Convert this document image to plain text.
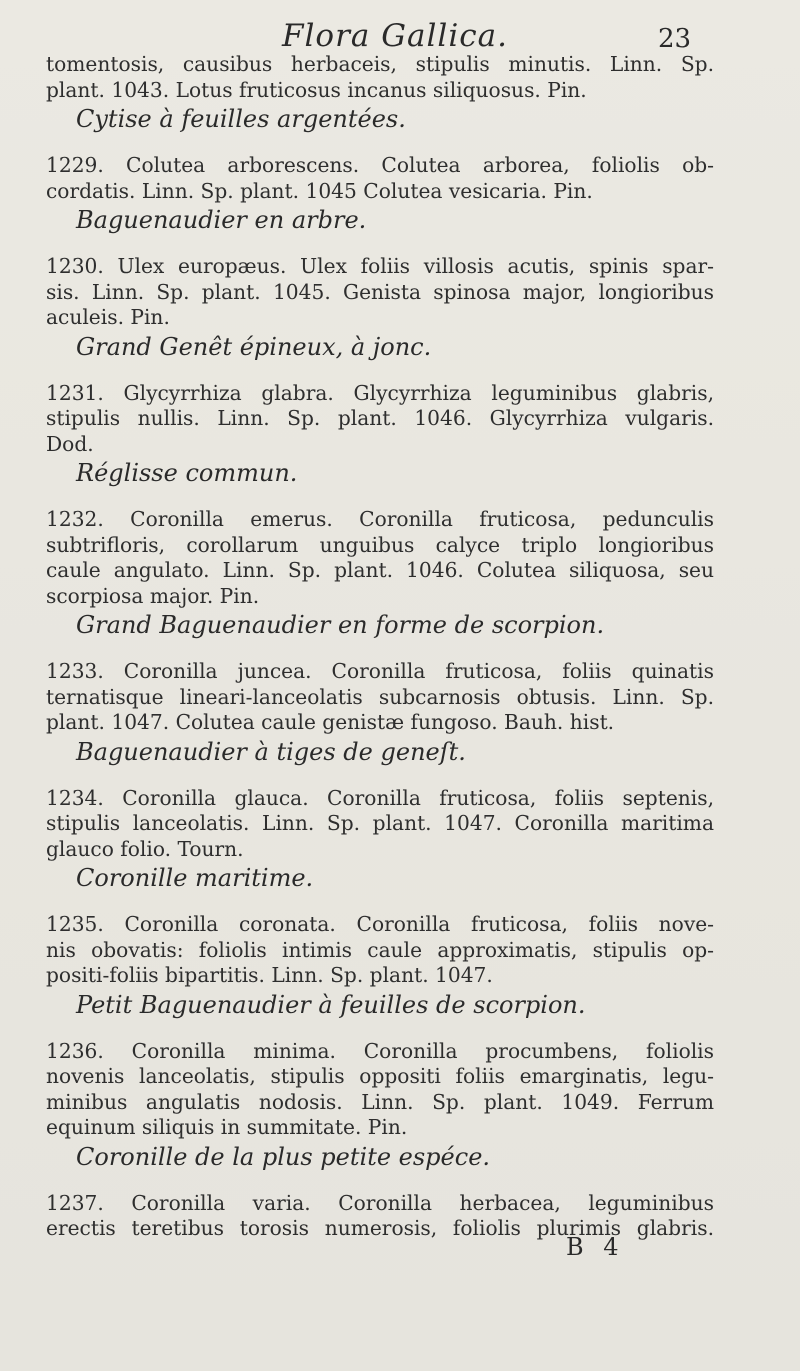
Flora Gallica.	23
tomentosis, causibus herbaceis, stipulis minutis. Linn. Sp.
plant. 1043. Lotus fruticosus incanus siliquosus. Pin.
Cytise à feuilles argentées.
1229. Colutea arborescens. Colutea arborea, foliolis ob-
cordatis. Linn. Sp. plant. 1045 Colutea vesicaria. Pin.
Baguenaudier en arbre.
1230. Ulex europæus. Ulex foliis villosis acutis, spinis spar-
sis. Linn. Sp. plant. 1045. Genista spinosa major, longioribus
aculeis. Pin.
Grand Genêt épineux, à jonc.
1231. Glycyrrhiza glabra. Glycyrrhiza leguminibus glabris,
stipulis nullis. Linn. Sp. plant. 1046. Glycyrrhiza vulgaris.
Dod.
Réglisse commun.
1232. Coronilla emerus. Coronilla fruticosa, pedunculis
subtrifloris, corollarum unguibus calyce triplo longioribus
caule angulato. Linn. Sp. plant. 1046. Colutea siliquosa, seu
scorpiosa major. Pin.
Grand Baguenaudier en forme de scorpion.
1233. Coronilla juncea. Coronilla fruticosa, foliis quinatis
ternatisque lineari-lanceolatis subcarnosis obtusis. Linn. Sp.
plant. 1047. Colutea caule genistæ fungoso. Bauh. hist.
Baguenaudier à tiges de geneſt.
1234. Coronilla glauca. Coronilla fruticosa, foliis septenis,
stipulis lanceolatis. Linn. Sp. plant. 1047. Coronilla maritima
glauco folio. Tourn.
Coronille maritime.
1235. Coronilla coronata. Coronilla fruticosa, foliis nove-
nis obovatis: foliolis intimis caule approximatis, stipulis op-
positi-foliis bipartitis. Linn. Sp. plant. 1047.
Petit Baguenaudier à feuilles de scorpion.
1236. Coronilla minima. Coronilla procumbens, foliolis
novenis lanceolatis, stipulis oppositi foliis emarginatis, legu-
minibus angulatis nodosis. Linn. Sp. plant. 1049. Ferrum
equinum siliquis in summitate. Pin.
Coronille de la plus petite espéce.
1237. Coronilla varia. Coronilla herbacea, leguminibus
erectis teretibus torosis numerosis, foliolis plurimis glabris.
B 4
